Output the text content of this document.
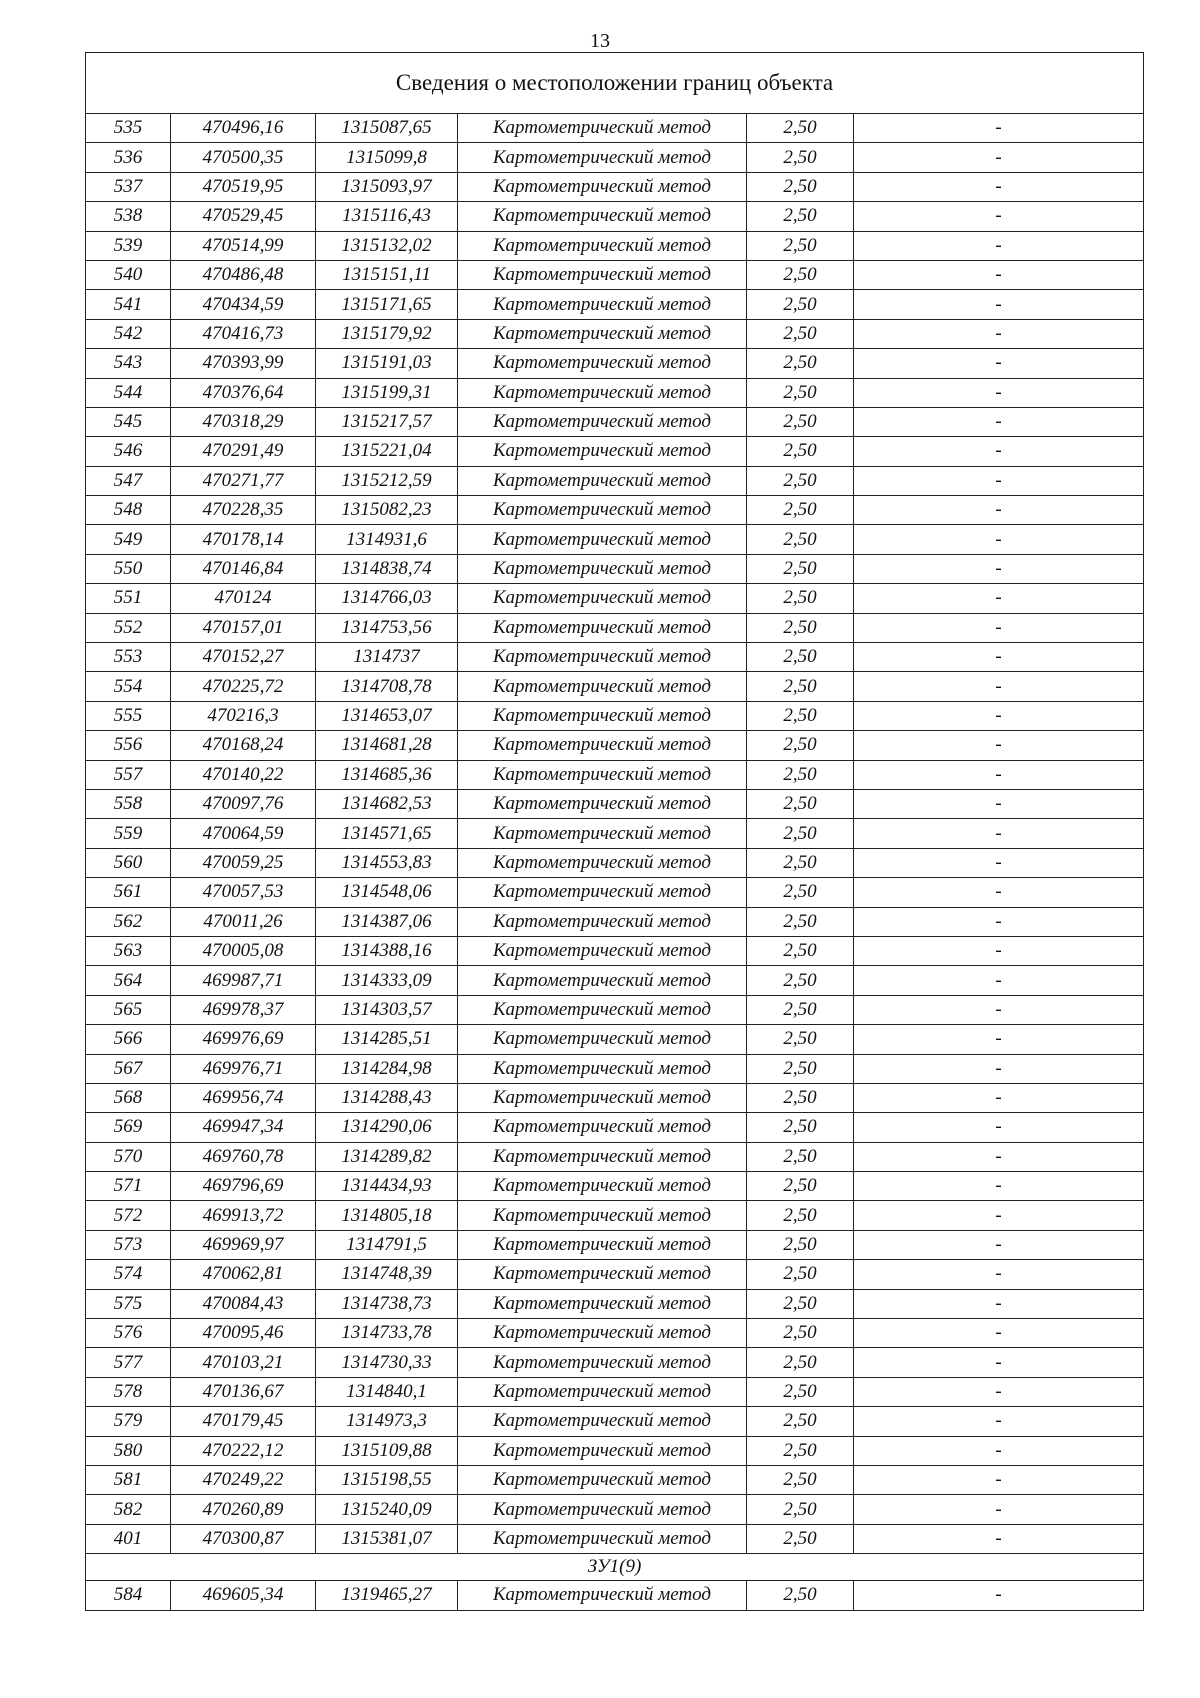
13
Сведения о местоположении границ объекта					
535	470496,16	1315087,65	Картометрический метод	2,50	-
536	470500,35	1315099,8	Картометрический метод	2,50	-
537	470519,95	1315093,97	Картометрический метод	2,50	-
538	470529,45	1315116,43	Картометрический метод	2,50	-
539	470514,99	1315132,02	Картометрический метод	2,50	-
540	470486,48	1315151,11	Картометрический метод	2,50	-
541	470434,59	1315171,65	Картометрический метод	2,50	-
542	470416,73	1315179,92	Картометрический метод	2,50	-
543	470393,99	1315191,03	Картометрический метод	2,50	-
544	470376,64	1315199,31	Картометрический метод	2,50	-
545	470318,29	1315217,57	Картометрический метод	2,50	-
546	470291,49	1315221,04	Картометрический метод	2,50	-
547	470271,77	1315212,59	Картометрический метод	2,50	-
548	470228,35	1315082,23	Картометрический метод	2,50	-
549	470178,14	1314931,6	Картометрический метод	2,50	-
550	470146,84	1314838,74	Картометрический метод	2,50	-
551	470124	1314766,03	Картометрический метод	2,50	-
552	470157,01	1314753,56	Картометрический метод	2,50	-
553	470152,27	1314737	Картометрический метод	2,50	-
554	470225,72	1314708,78	Картометрический метод	2,50	-
555	470216,3	1314653,07	Картометрический метод	2,50	-
556	470168,24	1314681,28	Картометрический метод	2,50	-
557	470140,22	1314685,36	Картометрический метод	2,50	-
558	470097,76	1314682,53	Картометрический метод	2,50	-
559	470064,59	1314571,65	Картометрический метод	2,50	-
560	470059,25	1314553,83	Картометрический метод	2,50	-
561	470057,53	1314548,06	Картометрический метод	2,50	-
562	470011,26	1314387,06	Картометрический метод	2,50	-
563	470005,08	1314388,16	Картометрический метод	2,50	-
564	469987,71	1314333,09	Картометрический метод	2,50	-
565	469978,37	1314303,57	Картометрический метод	2,50	-
566	469976,69	1314285,51	Картометрический метод	2,50	-
567	469976,71	1314284,98	Картометрический метод	2,50	-
568	469956,74	1314288,43	Картометрический метод	2,50	-
569	469947,34	1314290,06	Картометрический метод	2,50	-
570	469760,78	1314289,82	Картометрический метод	2,50	-
571	469796,69	1314434,93	Картометрический метод	2,50	-
572	469913,72	1314805,18	Картометрический метод	2,50	-
573	469969,97	1314791,5	Картометрический метод	2,50	-
574	470062,81	1314748,39	Картометрический метод	2,50	-
575	470084,43	1314738,73	Картометрический метод	2,50	-
576	470095,46	1314733,78	Картометрический метод	2,50	-
577	470103,21	1314730,33	Картометрический метод	2,50	-
578	470136,67	1314840,1	Картометрический метод	2,50	-
579	470179,45	1314973,3	Картометрический метод	2,50	-
580	470222,12	1315109,88	Картометрический метод	2,50	-
581	470249,22	1315198,55	Картометрический метод	2,50	-
582	470260,89	1315240,09	Картометрический метод	2,50	-
401	470300,87	1315381,07	Картометрический метод	2,50	-
ЗУ1(9)					
584	469605,34	1319465,27	Картометрический метод	2,50	-
